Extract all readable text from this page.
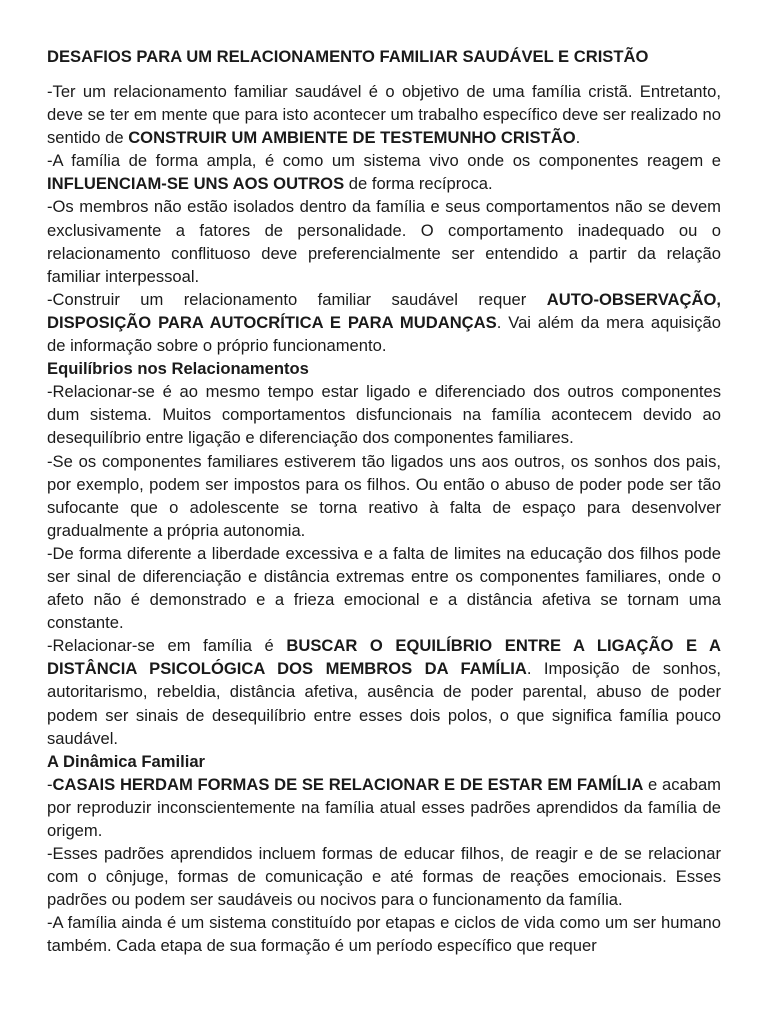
DESAFIOS PARA UM RELACIONAMENTO FAMILIAR SAUDÁVEL E CRISTÃO

-Ter um relacionamento familiar saudável é o objetivo de uma família cristã. Entretanto, deve se ter em mente que para isto acontecer um trabalho específico deve ser realizado no sentido de CONSTRUIR UM AMBIENTE DE TESTEMUNHO CRISTÃO.

-A família de forma ampla, é como um sistema vivo onde os componentes reagem e INFLUENCIAM-SE UNS AOS OUTROS de forma recíproca.

-Os membros não estão isolados dentro da família e seus comportamentos não se devem exclusivamente a fatores de personalidade. O comportamento inadequado ou o relacionamento conflituoso deve preferencialmente ser entendido a partir da relação familiar interpessoal.

-Construir um relacionamento familiar saudável requer AUTO-OBSERVAÇÃO, DISPOSIÇÃO PARA AUTOCRÍTICA E PARA MUDANÇAS. Vai além da mera aquisição de informação sobre o próprio funcionamento.

Equilíbrios nos Relacionamentos

-Relacionar-se é ao mesmo tempo estar ligado e diferenciado dos outros componentes dum sistema. Muitos comportamentos disfuncionais na família acontecem devido ao desequilíbrio entre ligação e diferenciação dos componentes familiares.

-Se os componentes familiares estiverem tão ligados uns aos outros, os sonhos dos pais, por exemplo, podem ser impostos para os filhos. Ou então o abuso de poder pode ser tão sufocante que o adolescente se torna reativo à falta de espaço para desenvolver gradualmente a própria autonomia.

-De forma diferente a liberdade excessiva e a falta de limites na educação dos filhos pode ser sinal de diferenciação e distância extremas entre os componentes familiares, onde o afeto não é demonstrado e a frieza emocional e a distância afetiva se tornam uma constante.

-Relacionar-se em família é BUSCAR O EQUILÍBRIO ENTRE A LIGAÇÃO E A DISTÂNCIA PSICOLÓGICA DOS MEMBROS DA FAMÍLIA. Imposição de sonhos, autoritarismo, rebeldia, distância afetiva, ausência de poder parental, abuso de poder podem ser sinais de desequilíbrio entre esses dois polos, o que significa família pouco saudável.

A Dinâmica Familiar

-CASAIS HERDAM FORMAS DE SE RELACIONAR E DE ESTAR EM FAMÍLIA e acabam por reproduzir inconscientemente na família atual esses padrões aprendidos da família de origem.

-Esses padrões aprendidos incluem formas de educar filhos, de reagir e de se relacionar com o cônjuge, formas de comunicação e até formas de reações emocionais. Esses padrões ou podem ser saudáveis ou nocivos para o funcionamento da família.

-A família ainda é um sistema constituído por etapas e ciclos de vida como um ser humano também. Cada etapa de sua formação é um período específico que requer
